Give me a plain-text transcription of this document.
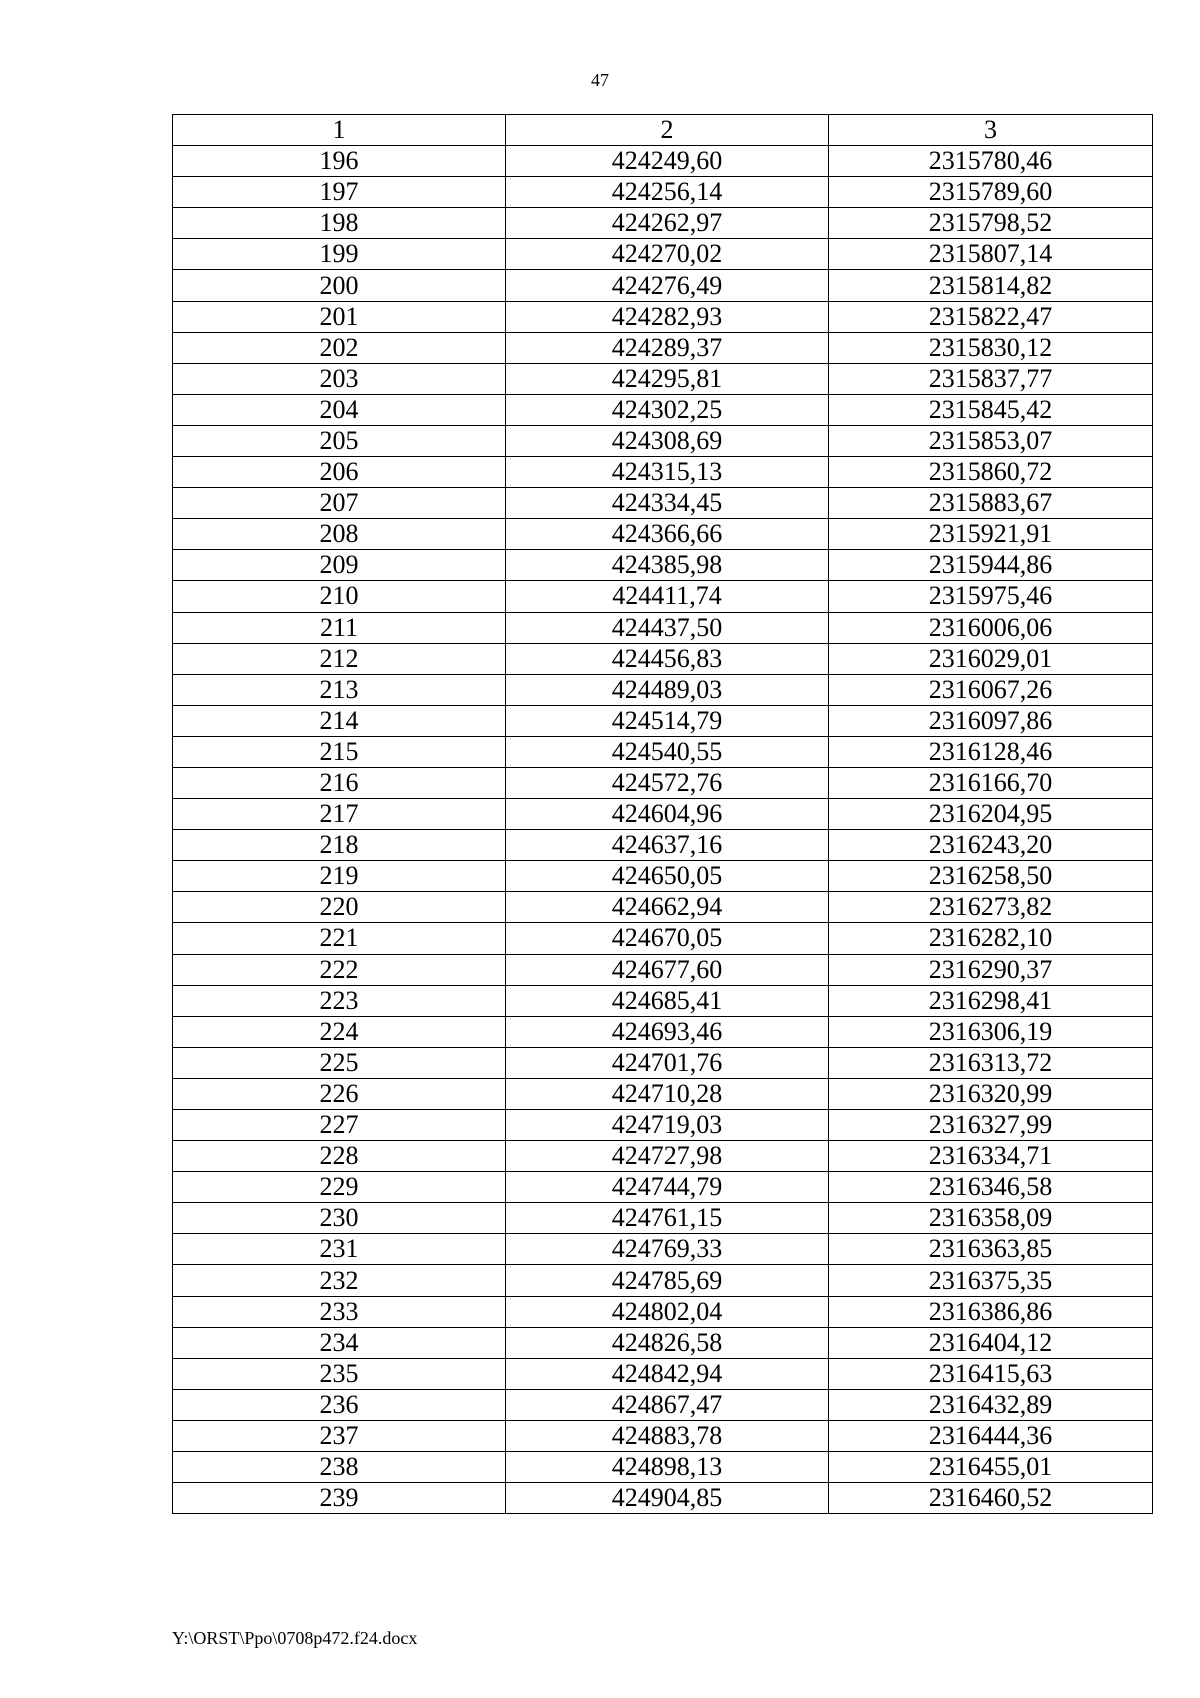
47
1	2	3
196	424249,60	2315780,46
197	424256,14	2315789,60
198	424262,97	2315798,52
199	424270,02	2315807,14
200	424276,49	2315814,82
201	424282,93	2315822,47
202	424289,37	2315830,12
203	424295,81	2315837,77
204	424302,25	2315845,42
205	424308,69	2315853,07
206	424315,13	2315860,72
207	424334,45	2315883,67
208	424366,66	2315921,91
209	424385,98	2315944,86
210	424411,74	2315975,46
211	424437,50	2316006,06
212	424456,83	2316029,01
213	424489,03	2316067,26
214	424514,79	2316097,86
215	424540,55	2316128,46
216	424572,76	2316166,70
217	424604,96	2316204,95
218	424637,16	2316243,20
219	424650,05	2316258,50
220	424662,94	2316273,82
221	424670,05	2316282,10
222	424677,60	2316290,37
223	424685,41	2316298,41
224	424693,46	2316306,19
225	424701,76	2316313,72
226	424710,28	2316320,99
227	424719,03	2316327,99
228	424727,98	2316334,71
229	424744,79	2316346,58
230	424761,15	2316358,09
231	424769,33	2316363,85
232	424785,69	2316375,35
233	424802,04	2316386,86
234	424826,58	2316404,12
235	424842,94	2316415,63
236	424867,47	2316432,89
237	424883,78	2316444,36
238	424898,13	2316455,01
239	424904,85	2316460,52
Y:\ORST\Ppo\0708p472.f24.docx
